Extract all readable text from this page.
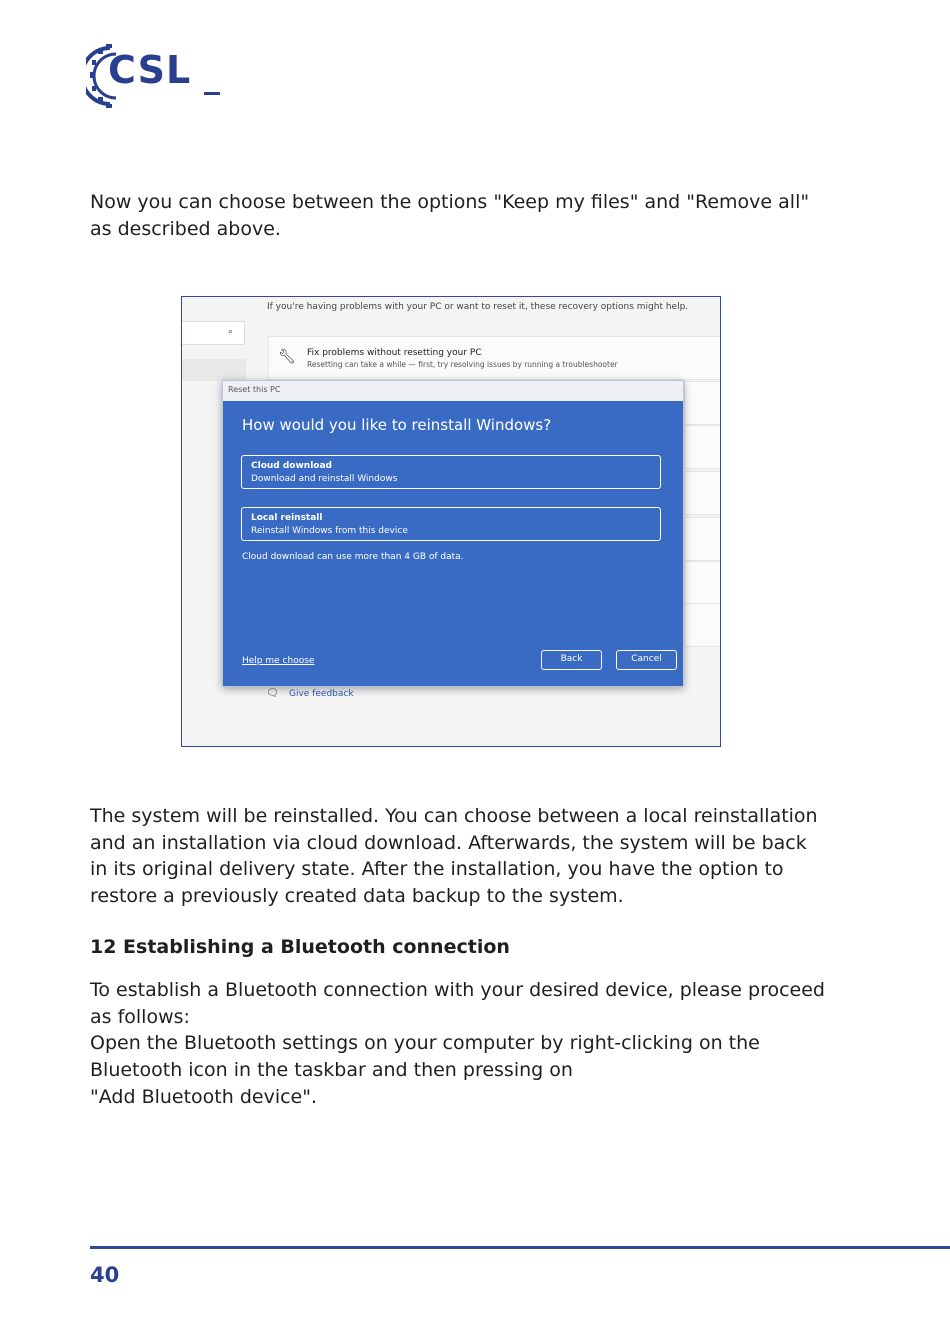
CSL

Now you can choose between the options "Keep my files" and "Remove all" as described above.

If you're having problems with your PC or want to reset it, these recovery options might help.
⌕
🔧︎ Fix problems without resetting your PC
Resetting can take a while — first, try resolving issues by running a troubleshooter
🗨︎ Give feedback
Reset this PC
How would you like to reinstall Windows?
Cloud download
Download and reinstall Windows
Local reinstall
Reinstall Windows from this device
Cloud download can use more than 4 GB of data.
Help me choose	Back	Cancel

The system will be reinstalled. You can choose between a local reinstallation and an installation via cloud download. Afterwards, the system will be back in its original delivery state. After the installation, you have the option to restore a previously created data backup to the system.

12 Establishing a Bluetooth connection

To establish a Bluetooth connection with your desired device, please proceed as follows:

Open the Bluetooth settings on your computer by right-clicking on the Bluetooth icon in the taskbar and then pressing on

"Add Bluetooth device".

40
